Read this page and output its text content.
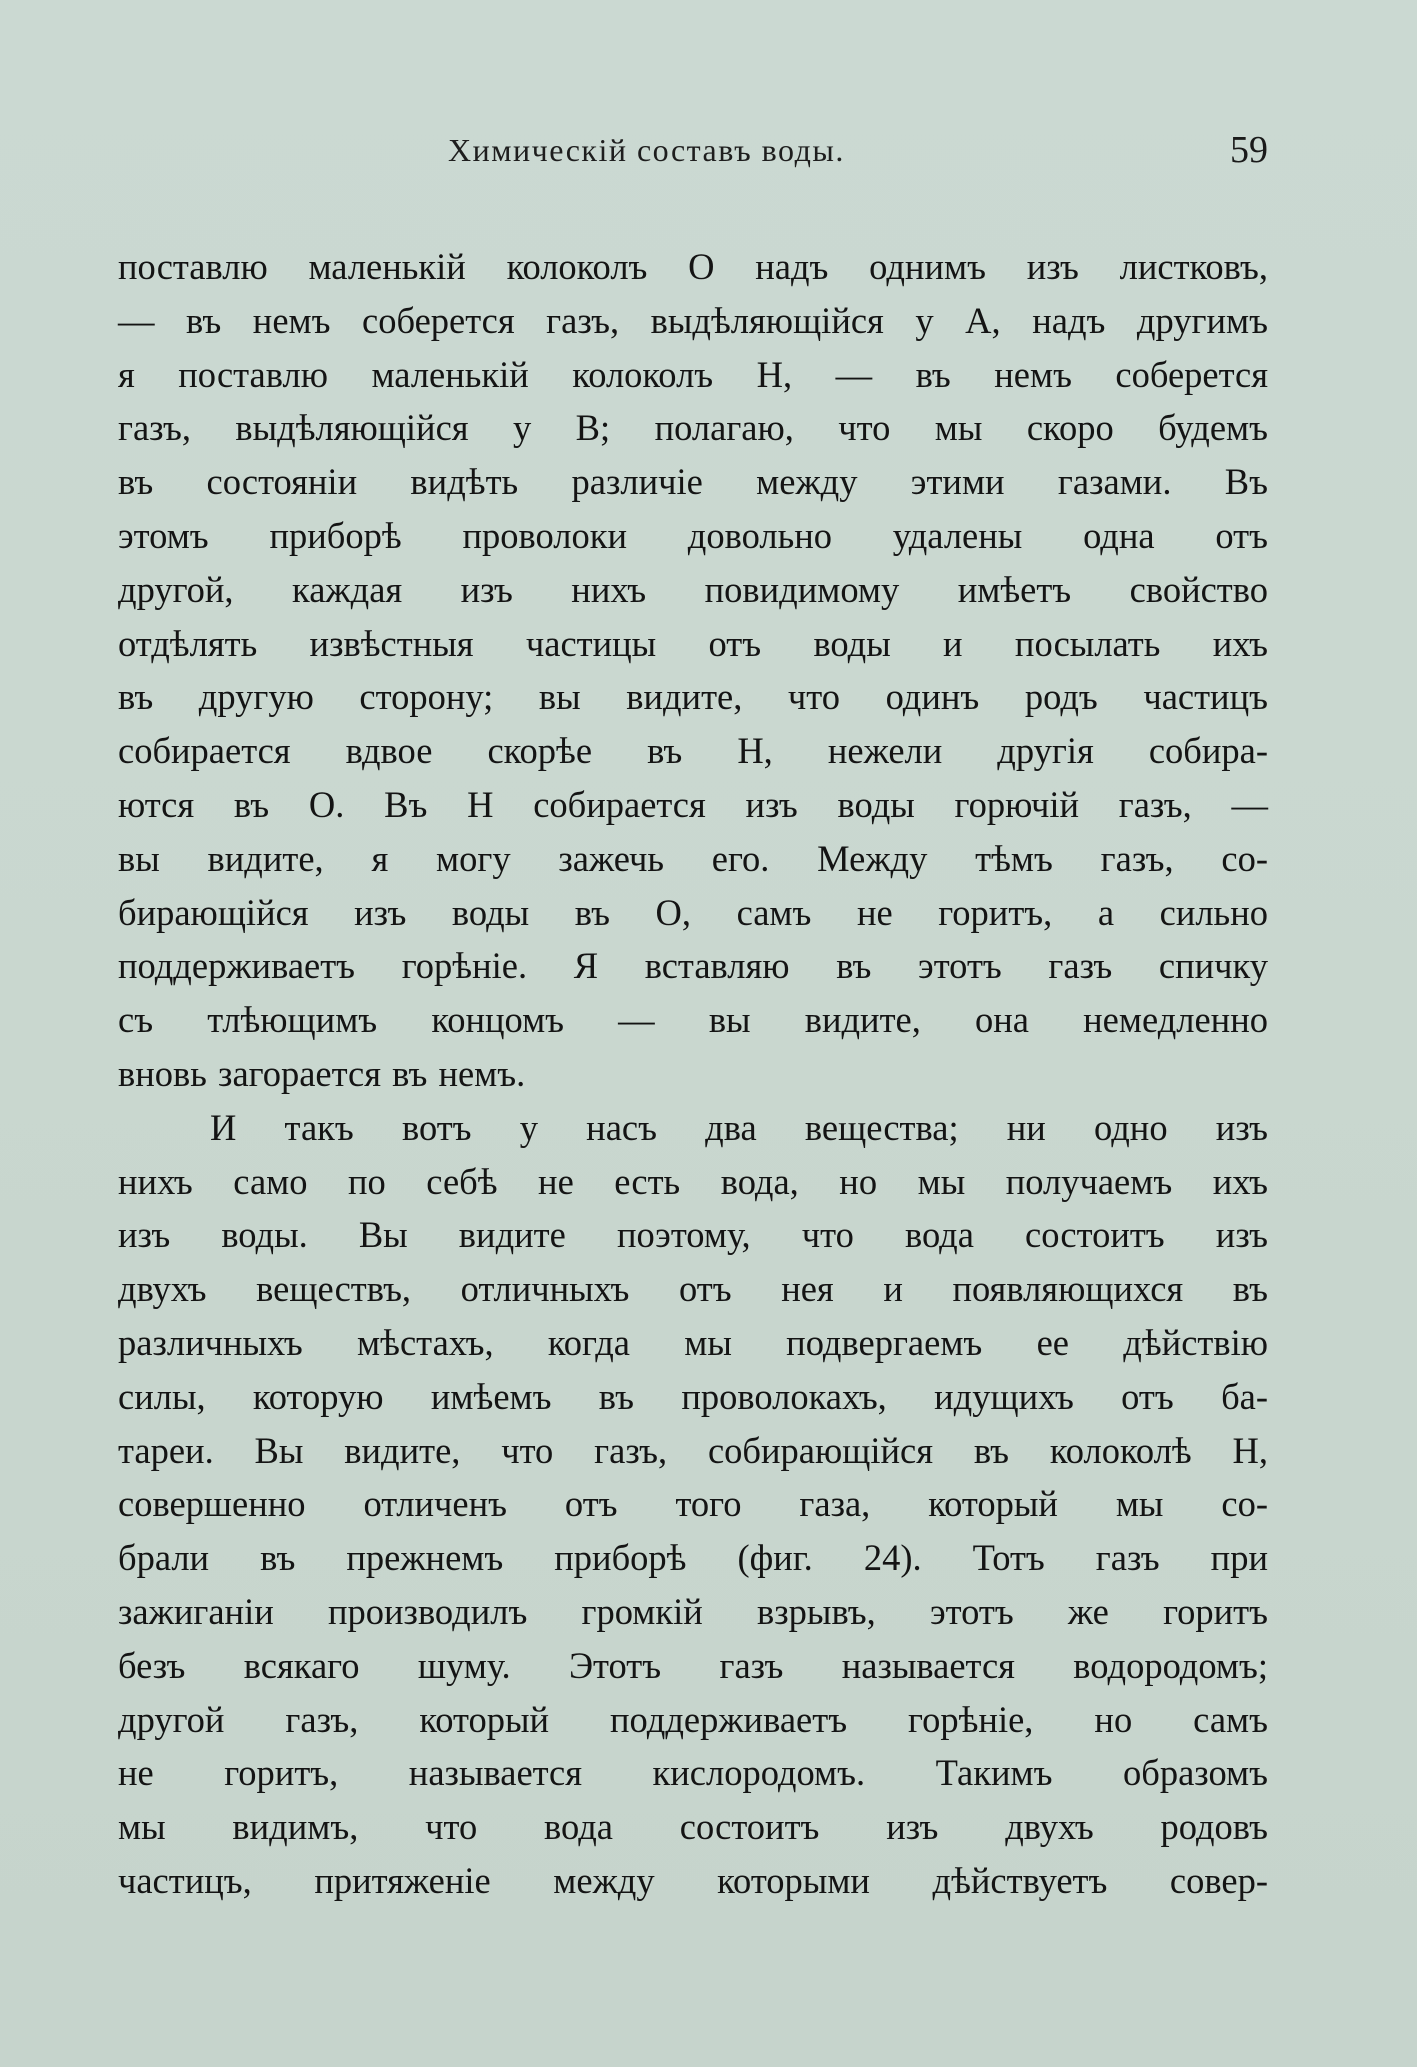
Химическій составъ воды.	59
поставлю маленькій колоколъ O надъ однимъ изъ листковъ,
— въ немъ соберется газъ, выдѣляющійся у A, надъ другимъ
я поставлю маленькій колоколъ H, — въ немъ соберется
газъ, выдѣляющійся у B; полагаю, что мы скоро будемъ
въ состояніи видѣть различіе между этими газами. Въ
этомъ приборѣ проволоки довольно удалены одна отъ
другой, каждая изъ нихъ повидимому имѣетъ свойство
отдѣлять извѣстныя частицы отъ воды и посылать ихъ
въ другую сторону; вы видите, что одинъ родъ частицъ
собирается вдвое скорѣе въ H, нежели другія собира-
ются въ O. Въ H собирается изъ воды горючій газъ, —
вы видите, я могу зажечь его. Между тѣмъ газъ, со-
бирающійся изъ воды въ O, самъ не горитъ, а сильно
поддерживаетъ горѣніе. Я вставляю въ этотъ газъ спичку
съ тлѣющимъ концомъ — вы видите, она немедленно
вновь загорается въ немъ.
И такъ вотъ у насъ два вещества; ни одно изъ
нихъ само по себѣ не есть вода, но мы получаемъ ихъ
изъ воды. Вы видите поэтому, что вода состоитъ изъ
двухъ веществъ, отличныхъ отъ нея и появляющихся въ
различныхъ мѣстахъ, когда мы подвергаемъ ее дѣйствію
силы, которую имѣемъ въ проволокахъ, идущихъ отъ ба-
тареи. Вы видите, что газъ, собирающійся въ колоколѣ H,
совершенно отличенъ отъ того газа, который мы со-
брали въ прежнемъ приборѣ (фиг. 24). Тотъ газъ при
зажиганіи производилъ громкій взрывъ, этотъ же горитъ
безъ всякаго шуму. Этотъ газъ называется водородомъ;
другой газъ, который поддерживаетъ горѣніе, но самъ
не горитъ, называется кислородомъ. Такимъ образомъ
мы видимъ, что вода состоитъ изъ двухъ родовъ
частицъ, притяженіе между которыми дѣйствуетъ совер-
